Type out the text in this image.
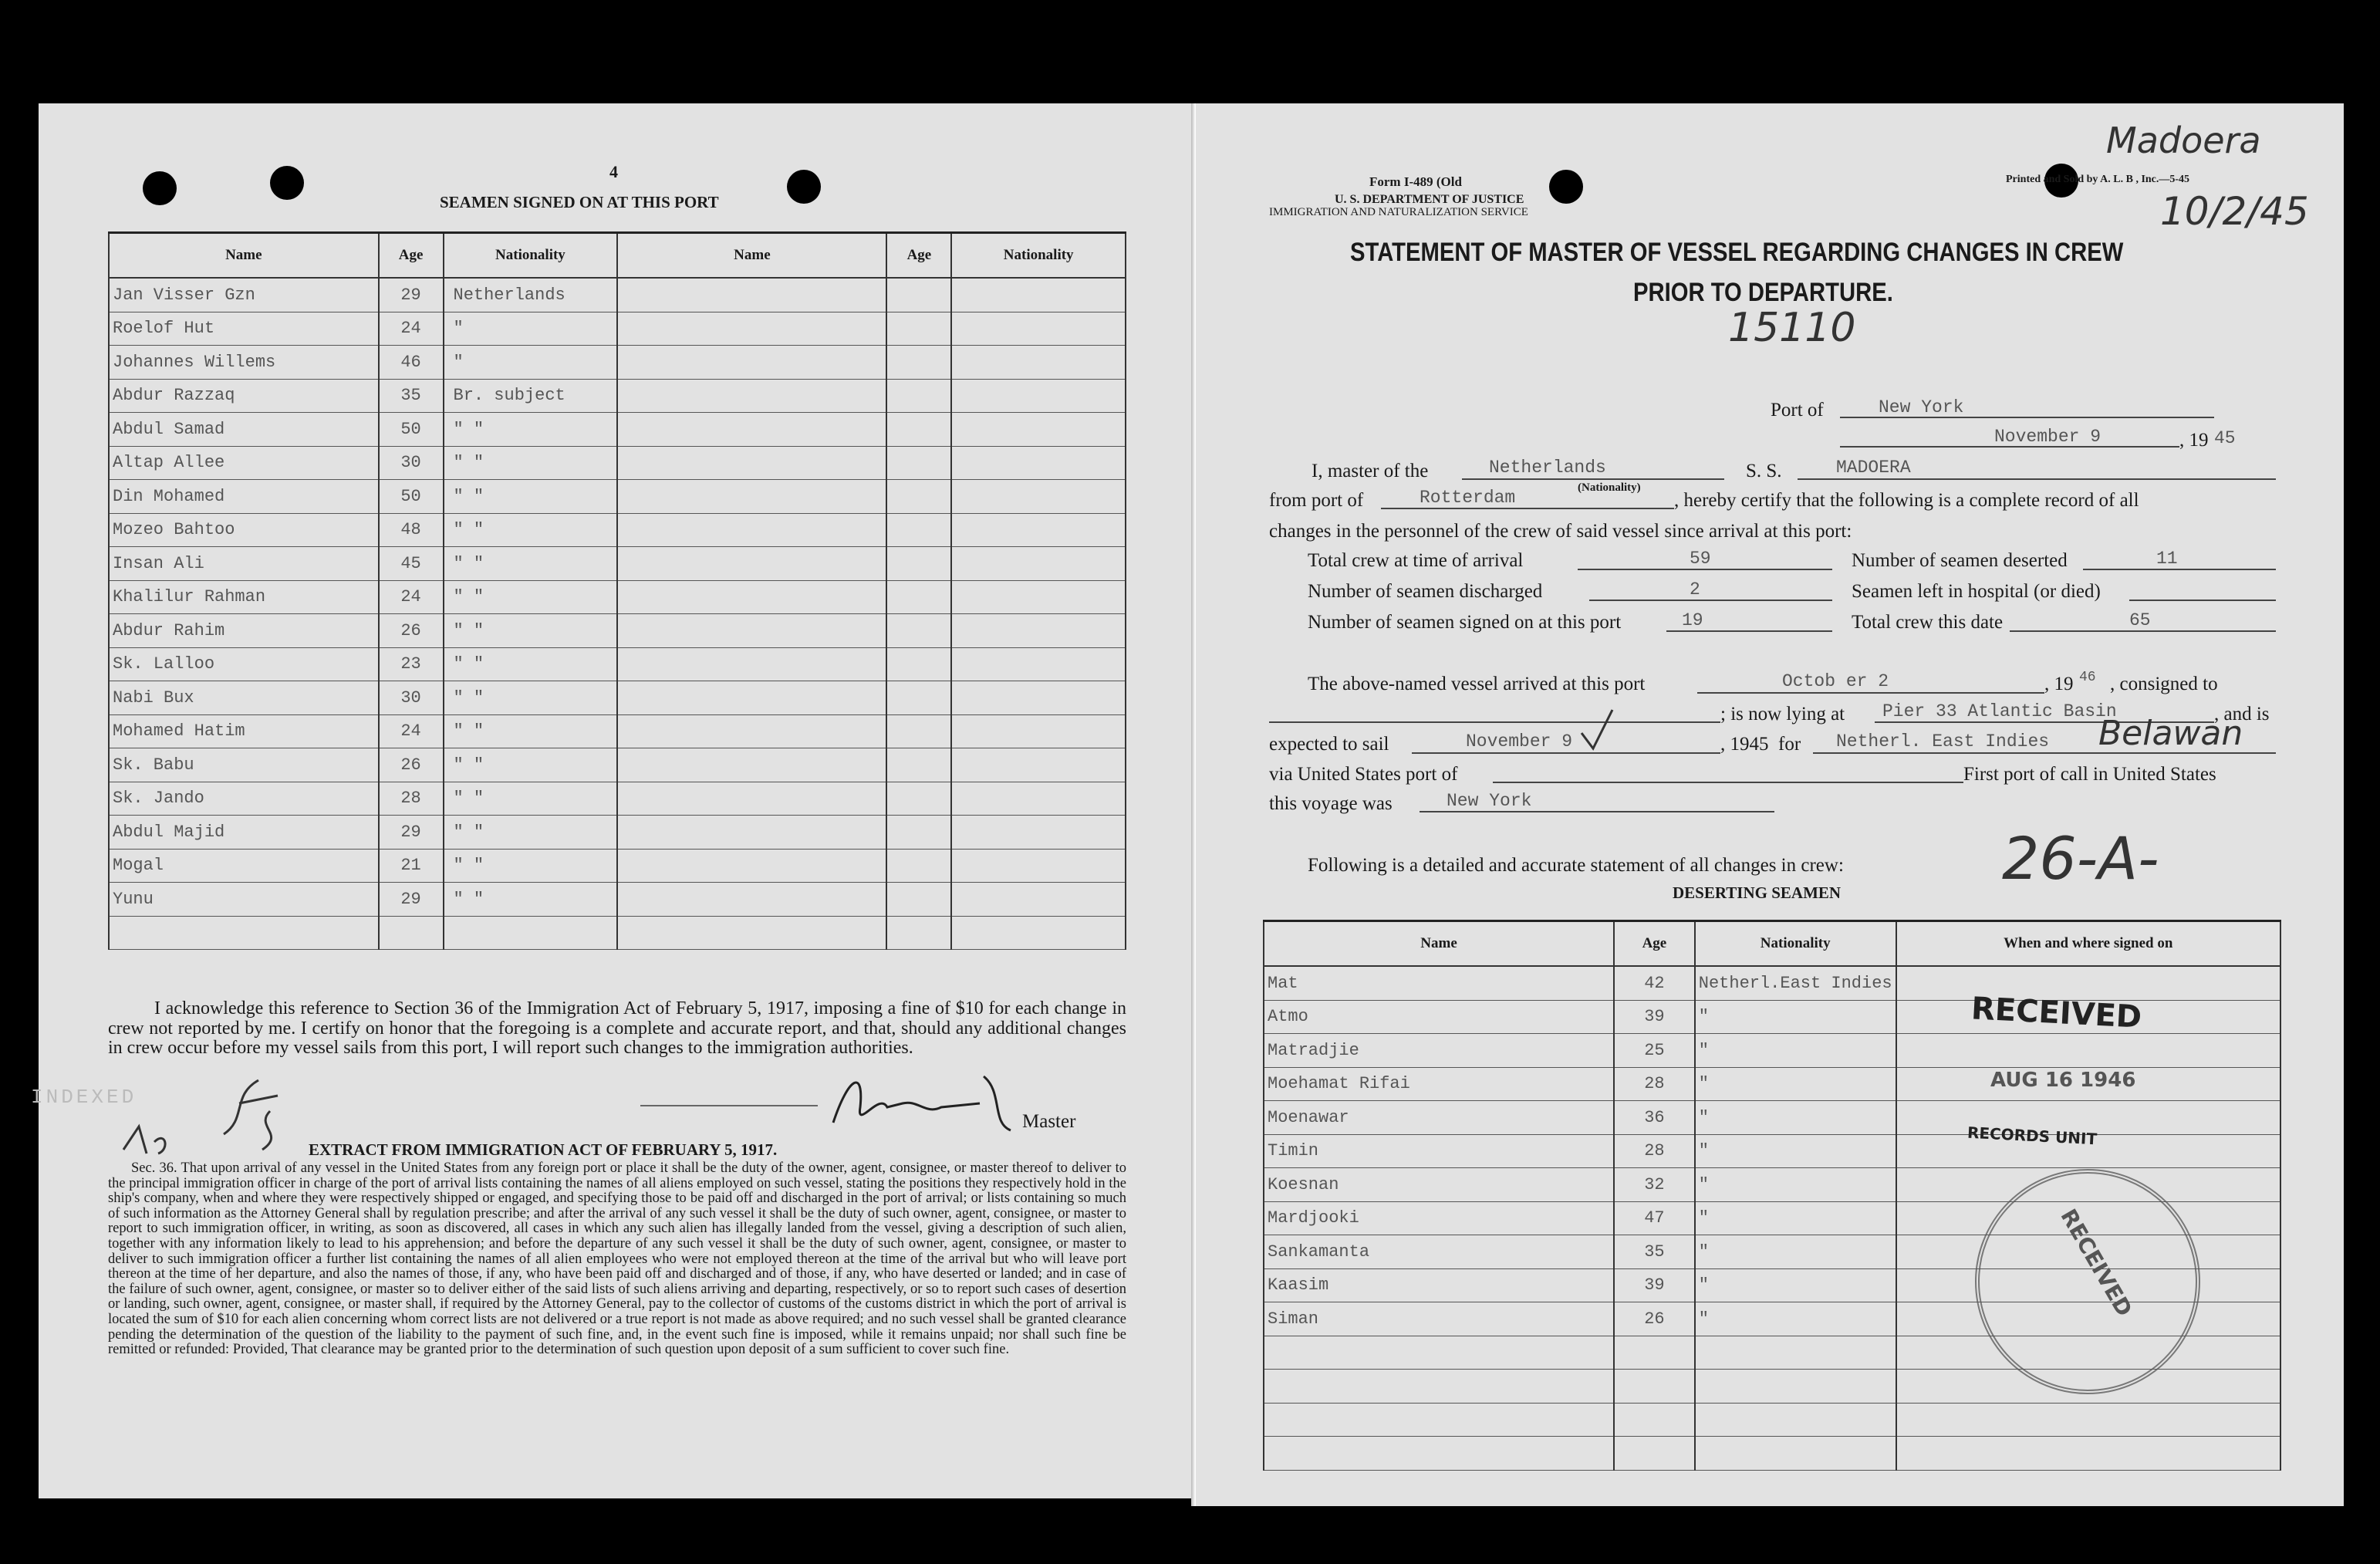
4
SEAMEN SIGNED ON AT THIS PORT
Name	Age	Nationality	Name	Age	Nationality
Jan Visser Gzn	29	Netherlands			
Roelof Hut	24	"			
Johannes Willems	46	"			
Abdur Razzaq	35	Br. subject			
Abdul Samad	50	" "			
Altap Allee	30	" "			
Din Mohamed	50	" "			
Mozeo Bahtoo	48	" "			
Insan Ali	45	" "			
Khalilur Rahman	24	" "			
Abdur Rahim	26	" "			
Sk. Lalloo	23	" "			
Nabi Bux	30	" "			
Mohamed Hatim	24	" "			
Sk. Babu	26	" "			
Sk. Jando	28	" "			
Abdul Majid	29	" "			
Mogal	21	" "			
Yunu	29	" "			

I acknowledge this reference to Section 36 of the Immigration Act of February 5, 1917, imposing a fine of $10 for each change in crew not reported by me. I certify on honor that the foregoing is a complete and accurate report, and that, should any additional changes in crew occur before my vessel sails from this port, I will report such changes to the immigration authorities.
INDEXED
Master
EXTRACT FROM IMMIGRATION ACT OF FEBRUARY 5, 1917.
Sec. 36. That upon arrival of any vessel in the United States from any foreign port or place it shall be the duty of the owner, agent, consignee, or master thereof to deliver to the principal immigration officer in charge of the port of arrival lists containing the names of all aliens employed on such vessel, stating the positions they respectively hold in the ship's company, when and where they were respectively shipped or engaged, and specifying those to be paid off and discharged in the port of arrival; or lists containing so much of such information as the Attorney General shall by regulation prescribe; and after the arrival of any such vessel it shall be the duty of such owner, agent, consignee, or master to report to such immigration officer, in writing, as soon as discovered, all cases in which any such alien has illegally landed from the vessel, giving a description of such alien, together with any information likely to lead to his apprehension; and before the departure of any such vessel it shall be the duty of such owner, agent, consignee, or master to deliver to such immigration officer a further list containing the names of all alien employees who were not employed thereon at the time of the arrival but who will leave port thereon at the time of her departure, and also the names of those, if any, who have been paid off and discharged and of those, if any, who have deserted or landed; and in case of the failure of such owner, agent, consignee, or master so to deliver either of the said lists of such aliens arriving and departing, respectively, or so to report such cases of desertion or landing, such owner, agent, consignee, or master shall, if required by the Attorney General, pay to the collector of customs of the customs district in which the port of arrival is located the sum of $10 for each alien concerning whom correct lists are not delivered or a true report is not made as above required; and no such vessel shall be granted clearance pending the determination of the question of the liability to the payment of such fine, and, in the event such fine is imposed, while it remains unpaid; nor shall such fine be remitted or refunded: Provided, That clearance may be granted prior to the determination of such question upon deposit of a sum sufficient to cover such fine.
Form I-489 (Old
U. S. DEPARTMENT OF JUSTICE
IMMIGRATION AND NATURALIZATION SERVICE
Printed and Sold by A. L. B , Inc.—5-45
Madoera
10/2/45
STATEMENT OF MASTER OF VESSEL REGARDING CHANGES IN CREW
PRIOR TO DEPARTURE.
15110
Port of	New York
November 9	, 19 45
I, master of the	Netherlands
(Nationality)
S. S.	MADOERA
from port of	Rotterdam	, hereby certify that the following is a complete record of all
changes in the personnel of the crew of said vessel since arrival at this port:
Total crew at time of arrival	59	Number of seamen deserted	11
Number of seamen discharged	2	Seamen left in hospital (or died)
Number of seamen signed on at this port	19	Total crew this date	65
The above-named vessel arrived at this port	Octob er 2	, 19 46 , consigned to
; is now lying at Pier 33 Atlantic Basin	, and is
expected to sail	November 9	, 1945 for Netherl. East Indies Belawan
via United States port of	First port of call in United States
this voyage was	New York
Following is a detailed and accurate statement of all changes in crew:	26-A-
DESERTING SEAMEN
Name	Age	Nationality	When and where signed on
Mat	42	Netherl.East Indies	
Atmo	39	"	
Matradjie	25	"	
Moehamat Rifai	28	"	
Moenawar	36	"	
Timin	28	"	
Koesnan	32	"	
Mardjooki	47	"	
Sankamanta	35	"	
Kaasim	39	"	
Siman	26	"	

RECEIVED
AUG 16 1946
RECORDS UNIT
RECEIVED
